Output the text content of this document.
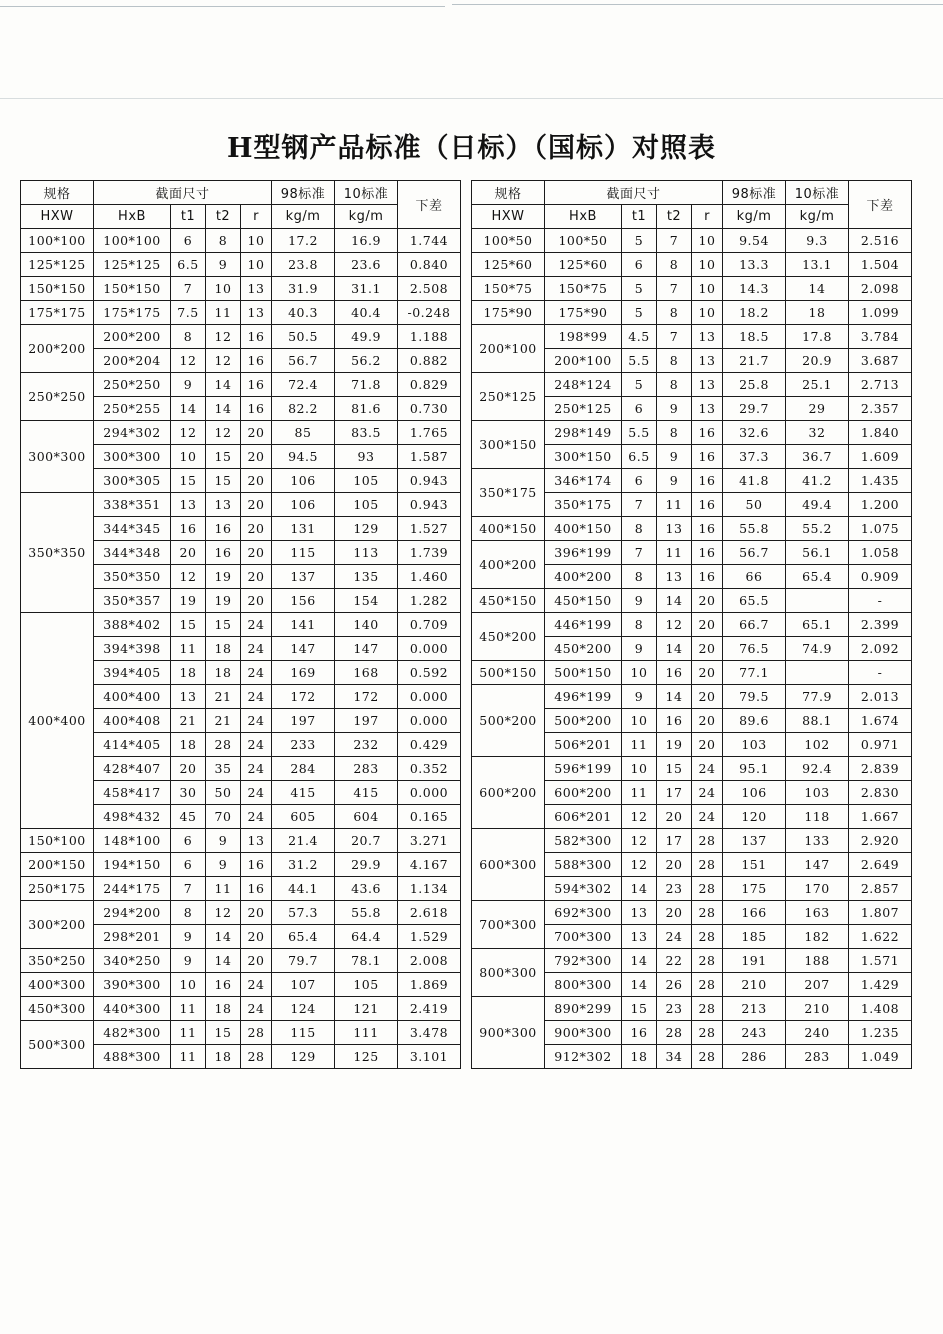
H型钢产品标准（日标）（国标）对照表
规格	截面尺寸				98标准	10标准	下差
HXW	HxB	t1	t2	r	kg/m	kg/m	
100*100	100*100	6	8	10	17.2	16.9	1.744
125*125	125*125	6.5	9	10	23.8	23.6	0.840
150*150	150*150	7	10	13	31.9	31.1	2.508
175*175	175*175	7.5	11	13	40.3	40.4	-0.248
200*200	200*200	8	12	16	50.5	49.9	1.188
	200*204	12	12	16	56.7	56.2	0.882
250*250	250*250	9	14	16	72.4	71.8	0.829
	250*255	14	14	16	82.2	81.6	0.730
300*300	294*302	12	12	20	85	83.5	1.765
	300*300	10	15	20	94.5	93	1.587
	300*305	15	15	20	106	105	0.943
350*350	338*351	13	13	20	106	105	0.943
	344*345	16	16	20	131	129	1.527
	344*348	20	16	20	115	113	1.739
	350*350	12	19	20	137	135	1.460
	350*357	19	19	20	156	154	1.282
400*400	388*402	15	15	24	141	140	0.709
	394*398	11	18	24	147	147	0.000
	394*405	18	18	24	169	168	0.592
	400*400	13	21	24	172	172	0.000
	400*408	21	21	24	197	197	0.000
	414*405	18	28	24	233	232	0.429
	428*407	20	35	24	284	283	0.352
	458*417	30	50	24	415	415	0.000
	498*432	45	70	24	605	604	0.165
150*100	148*100	6	9	13	21.4	20.7	3.271
200*150	194*150	6	9	16	31.2	29.9	4.167
250*175	244*175	7	11	16	44.1	43.6	1.134
300*200	294*200	8	12	20	57.3	55.8	2.618
	298*201	9	14	20	65.4	64.4	1.529
350*250	340*250	9	14	20	79.7	78.1	2.008
400*300	390*300	10	16	24	107	105	1.869
450*300	440*300	11	18	24	124	121	2.419
500*300	482*300	11	15	28	115	111	3.478
	488*300	11	18	28	129	125	3.101
规格	截面尺寸				98标准	10标准	下差
HXW	HxB	t1	t2	r	kg/m	kg/m	
100*50	100*50	5	7	10	9.54	9.3	2.516
125*60	125*60	6	8	10	13.3	13.1	1.504
150*75	150*75	5	7	10	14.3	14	2.098
175*90	175*90	5	8	10	18.2	18	1.099
200*100	198*99	4.5	7	13	18.5	17.8	3.784
	200*100	5.5	8	13	21.7	20.9	3.687
250*125	248*124	5	8	13	25.8	25.1	2.713
	250*125	6	9	13	29.7	29	2.357
300*150	298*149	5.5	8	16	32.6	32	1.840
	300*150	6.5	9	16	37.3	36.7	1.609
350*175	346*174	6	9	16	41.8	41.2	1.435
	350*175	7	11	16	50	49.4	1.200
400*150	400*150	8	13	16	55.8	55.2	1.075
400*200	396*199	7	11	16	56.7	56.1	1.058
	400*200	8	13	16	66	65.4	0.909
450*150	450*150	9	14	20	65.5		-
450*200	446*199	8	12	20	66.7	65.1	2.399
	450*200	9	14	20	76.5	74.9	2.092
500*150	500*150	10	16	20	77.1		-
500*200	496*199	9	14	20	79.5	77.9	2.013
	500*200	10	16	20	89.6	88.1	1.674
	506*201	11	19	20	103	102	0.971
600*200	596*199	10	15	24	95.1	92.4	2.839
	600*200	11	17	24	106	103	2.830
	606*201	12	20	24	120	118	1.667
600*300	582*300	12	17	28	137	133	2.920
	588*300	12	20	28	151	147	2.649
	594*302	14	23	28	175	170	2.857
700*300	692*300	13	20	28	166	163	1.807
	700*300	13	24	28	185	182	1.622
800*300	792*300	14	22	28	191	188	1.571
	800*300	14	26	28	210	207	1.429
900*300	890*299	15	23	28	213	210	1.408
	900*300	16	28	28	243	240	1.235
	912*302	18	34	28	286	283	1.049
